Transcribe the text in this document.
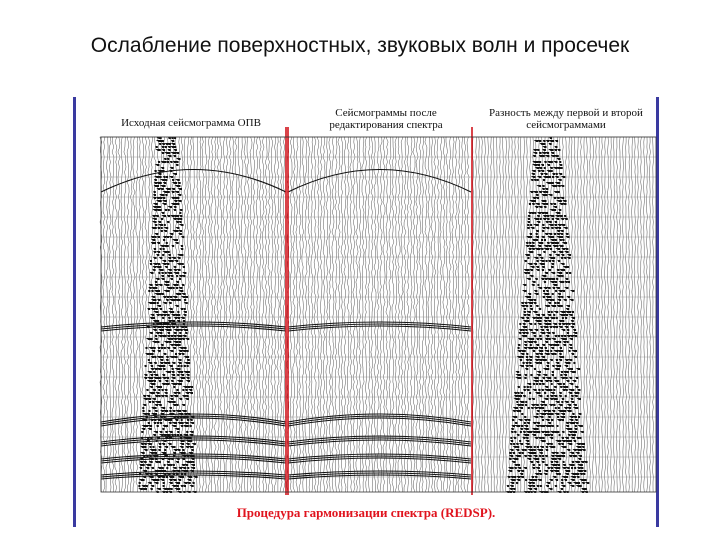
Ослабление поверхностных, звуковых волн и просечек
Исходная сейсмограмма ОПВ
Сейсмограммы после редактирования спектра
Разность между первой и второй сейсмограммами
Процедура гармонизации спектра (REDSP).
